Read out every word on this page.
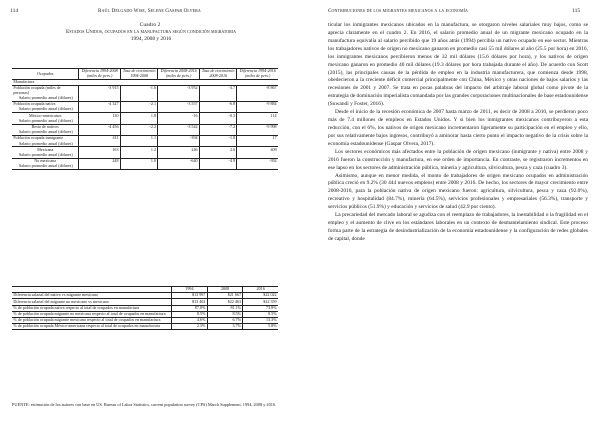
114	Raúl Delgado Wise, Selene Gaspar Olvera
Cuadro 2
Estados Unidos, ocupados en la manufactura según condición migratoria
1994, 2008 y 2016
Ocupados	Diferencia 1994-2008 (miles de pers.)	Tasa de crecimiento 1994-2008	Diferencia 2008-2016 (miles de pers.)	Tasa de crecimiento 2008-2016	Diferencia 1994-2016 (miles de pers.)
Manufactura					
Población ocupada (miles de personas)	-3 915	-1.6	-3 952	-3.7	-8 867
Salario promedio anual (dólares)					
Población ocupada nativa	-4 327	-2.1	-3 557	-6.8	-9 884
Salario promedio anual (dólares)					
México-americanos	130	1.8	-16	-0.3	114
Salario promedio anual (dólares)					
Resto de nativos	-4 456	-2.2	-3 542	-7.2	-9 998
Salario promedio anual (dólares)					
Población ocupada inmigrante	411	1.1	-394	-1.8	17
Salario promedio anual (dólares)					
Mexicana	163	1.2	246	2.6	409
Salario promedio anual (dólares)					
No mexicana	248	1.0	-640	-4.9	-392
Salario promedio anual (dólares)					
	1994	2008	2016
Diferencia salarial del nativo vs migrante mexicano	$13 997	$21 667	$22 022
Diferencia salarial del migrante no mexicano vs mexicano	$13 402	$22 463	$22 359
% de población ocupada nativa respecto al total de ocupados en manufactura	87.0%	81.1%	73.8%
% de población ocupada migrante no mexicana respecto al total de ocupados en manufactura	8.5%	8.5%	8.5%
% de población ocupada migrante mexicana respecto al total de ocupados en manufactura	4.6%	6.7%	13.3%
% de población ocupada México-americana respecto al total de ocupados en manufactura	2.3%	3.7%	5.8%
FUENTE: estimación de los autores con base en US. Bureau of Labor Statistics, current population survey (CPS) March Supplement, 1994, 2008 y 2016.
Contribuciones de los migrantes mexicanos a la economía	115

ticular los inmigrantes mexicanos ubicados en la manufactura, se otorgaron niveles salariales muy bajos, como se aprecia claramente en el cuadro 2. En 2016, el salario promedio anual de un migrante mexicano ocupado en la manufactura equivalía al salario percibido que 19 años atrás (1994) percibía un nativo ocupado en ese sector. Mientras los trabajadores nativos de origen no mexicano ganaron en promedio casi 55 mil dólares al año (25.5 por hora) en 2016, los inmigrantes mexicanos percibieron menos de 32 mil dólares (15.6 dólares por hora), y los nativos de origen mexicano ganaron en promedio 40 mil dólares (19.3 dólares por hora trabajada durante el año). De acuerdo con Scott (2015), las principales causas de la pérdida de empleo en la industria manufacturera, que comienza desde 1998, obedecieron a la creciente déficit comercial principalmente con China, México y otras naciones de bajos salarios y las recesiones de 2001 y 2007. Se trata en pocas palabras del impacto del arbitraje laboral global como pivote de la estrategia de dominación imperialista comandada por las grandes corporaciones multinacionales de base estadounidense (Suwandi y Foster, 2016).

Desde el inicio de la recesión económica de 2007 hasta marzo de 2011, es decir de 2008 a 2010, se perdieron poco más de 7.4 millones de empleos en Estados Unidos. Y si bien los inmigrantes mexicanos contribuyeron a esta reducción, con el 6%, los nativos de origen mexicano incrementaron ligeramente su participación en el empleo y ello, por sus relativamente bajos ingresos, contribuyó a aminorar hasta cierto punto el impacto negativo de la crisis sobre la economía estadounidense (Gaspar Olvera, 2017).

Los sectores económicos más afectados entre la población de origen mexicano (inmigrante y nativa) entre 2008 y 2016 fueron la construcción y manufactura, en ese orden de importancia. En contraste, se registraron incrementos en ese lapso en los sectores de administración pública, minería y agricultura, silvicultura, pesca y caza (cuadro 3).

Asimismo, aunque en menor medida, el monto de trabajadores de origen mexicano ocupados en administración pública creció en 9.2% (30 444 nuevos empleos) entre 2008 y 2016. De hecho, los sectores de mayor crecimiento entre 2008-2016, para la población nativa de origen mexicano fueron: agricultura, silvicultura, pesca y caza (92.0%), recreativo y hospitalidad (84.7%), minería (64.5%), servicios profesionales y empresariales (56.3%), transporte y servicios públicos (51.9%) y educación y servicios de salud (42.9 por ciento).

La precariedad del mercado laboral se agudiza con el reemplazo de trabajadores, la inestabilidad o la fragilidad en el empleo y el aumento de clive en los estándares laborales en un contexto de desmantelamiento sindical. Este proceso forma parte de la estrategia de desindustrialización de la economía estadounidense y la configuración de redes globales de capital, donde
